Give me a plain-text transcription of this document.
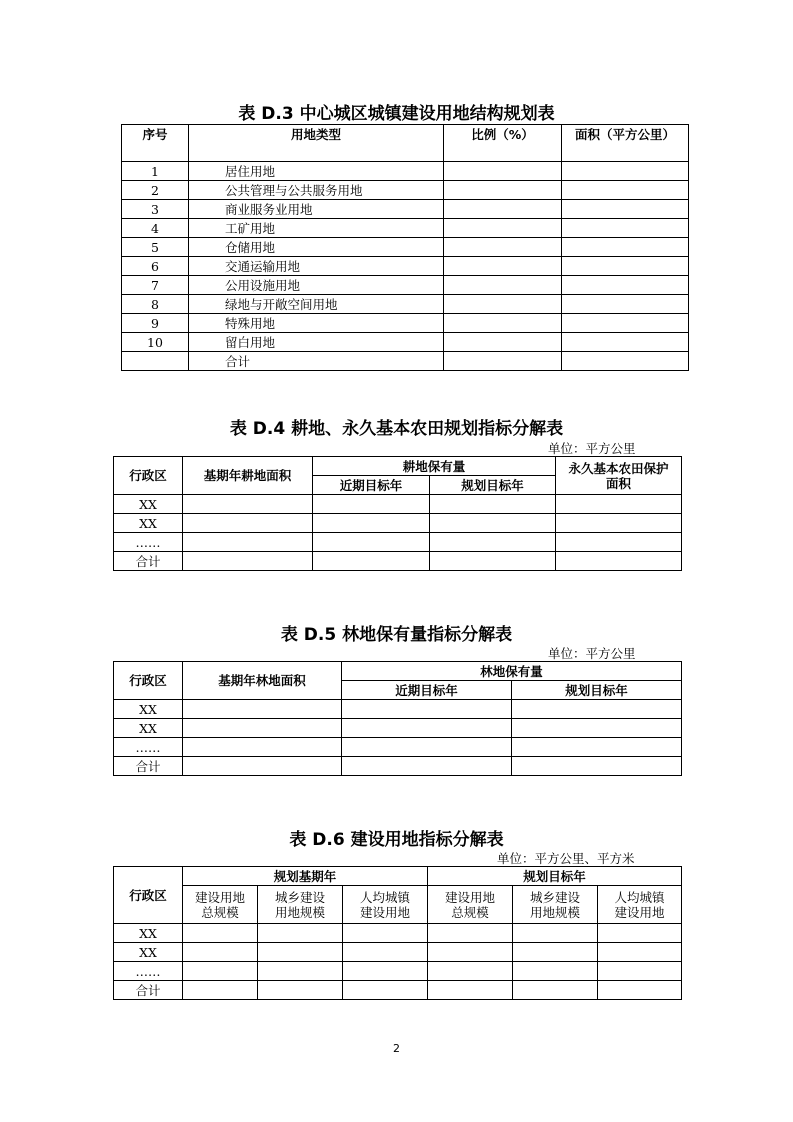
表 D.3 中心城区城镇建设用地结构规划表
序号	用地类型	比例（%）	面积（平方公里）
1	居住用地		
2	公共管理与公共服务用地		
3	商业服务业用地		
4	工矿用地		
5	仓储用地		
6	交通运输用地		
7	公用设施用地		
8	绿地与开敞空间用地		
9	特殊用地		
10	留白用地		
	合计		
表 D.4 耕地、永久基本农田规划指标分解表
单位：平方公里
行政区	基期年耕地面积	耕地保有量		永久基本农田保护面积
		近期目标年	规划目标年	
XX				
XX				
……				
合计				
表 D.5 林地保有量指标分解表
单位：平方公里
行政区	基期年林地面积	林地保有量	
		近期目标年	规划目标年
XX			
XX			
……			
合计			
表 D.6 建设用地指标分解表
单位：平方公里、平方米
行政区	规划基期年			规划目标年		
	建设用地总规模	城乡建设用地规模	人均城镇建设用地	建设用地总规模	城乡建设用地规模	人均城镇建设用地
XX						
XX						
……						
合计						
2
